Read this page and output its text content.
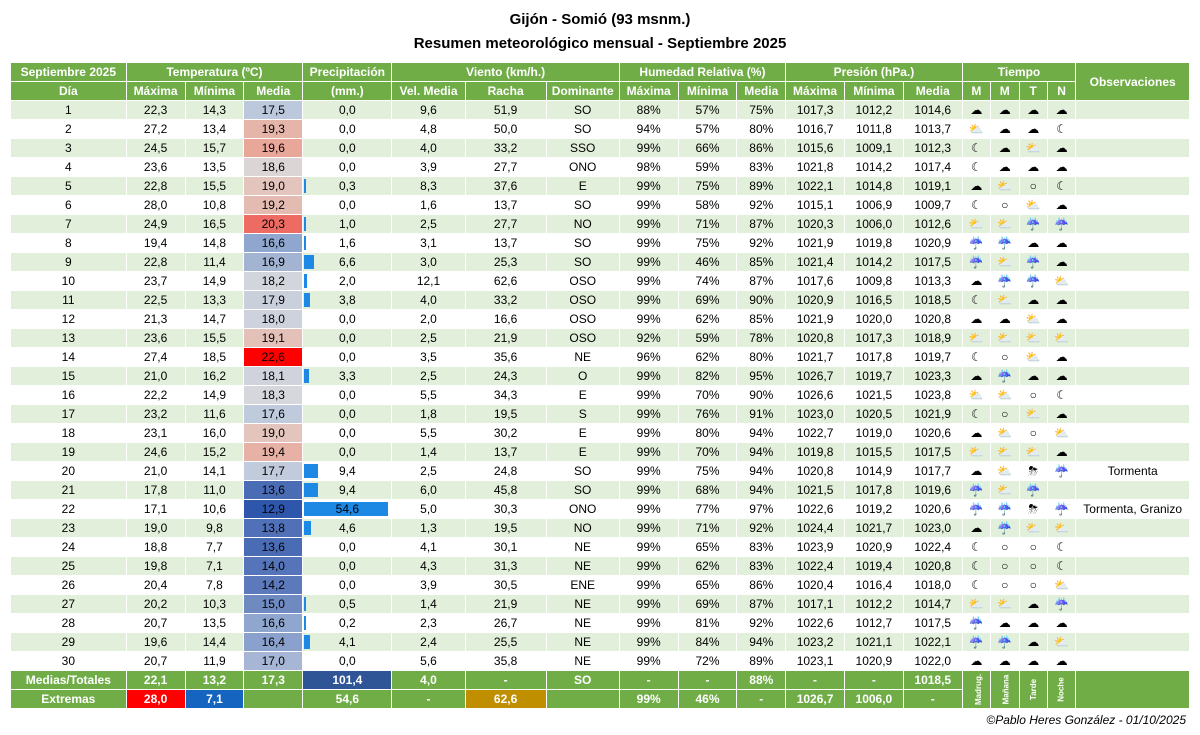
Gijón - Somió (93 msnm.)
Resumen meteorológico mensual - Septiembre 2025
Septiembre 2025	Temperatura (ºC)			Precipitación	Viento (km/h.)			Humedad Relativa (%)			Presión (hPa.)			Tiempo				Observaciones
Día	Máxima	Mínima	Media	(mm.)	Vel. Media	Racha	Dominante	Máxima	Mínima	Media	Máxima	Mínima	Media	M	M	T	N	
1	22,3	14,3	17,5	0,0	9,6	51,9	SO	88%	57%	75%	1017,3	1012,2	1014,6	☁	☁	☁	☁	
2	27,2	13,4	19,3	0,0	4,8	50,0	SO	94%	57%	80%	1016,7	1011,8	1013,7	⛅	☁	☁	☾	
3	24,5	15,7	19,6	0,0	4,0	33,2	SSO	99%	66%	86%	1015,6	1009,1	1012,3	☾	☁	⛅	☁	
4	23,6	13,5	18,6	0,0	3,9	27,7	ONO	98%	59%	83%	1021,8	1014,2	1017,4	☾	☁	☁	☁	
5	22,8	15,5	19,0	0,3	8,3	37,6	E	99%	75%	89%	1022,1	1014,8	1019,1	☁	⛅	○	☾	
6	28,0	10,8	19,2	0,0	1,6	13,7	SO	99%	58%	92%	1015,1	1006,9	1009,7	☾	○	⛅	☁	
7	24,9	16,5	20,3	1,0	2,5	27,7	NO	99%	71%	87%	1020,3	1006,0	1012,6	⛅	⛅	☔	☔	
8	19,4	14,8	16,6	1,6	3,1	13,7	SO	99%	75%	92%	1021,9	1019,8	1020,9	☔	☔	☁	☁	
9	22,8	11,4	16,9	6,6	3,0	25,3	SO	99%	46%	85%	1021,4	1014,2	1017,5	☔	⛅	☔	☁	
10	23,7	14,9	18,2	2,0	12,1	62,6	OSO	99%	74%	87%	1017,6	1009,8	1013,3	☁	☔	☔	⛅	
11	22,5	13,3	17,9	3,8	4,0	33,2	OSO	99%	69%	90%	1020,9	1016,5	1018,5	☾	⛅	☁	☁	
12	21,3	14,7	18,0	0,0	2,0	16,6	OSO	99%	62%	85%	1021,9	1020,0	1020,8	☁	☁	⛅	☁	
13	23,6	15,5	19,1	0,0	2,5	21,9	OSO	92%	59%	78%	1020,8	1017,3	1018,9	⛅	⛅	⛅	⛅	
14	27,4	18,5	22,6	0,0	3,5	35,6	NE	96%	62%	80%	1021,7	1017,8	1019,7	☾	○	⛅	☁	
15	21,0	16,2	18,1	3,3	2,5	24,3	O	99%	82%	95%	1026,7	1019,7	1023,3	☁	☔	☁	☁	
16	22,2	14,9	18,3	0,0	5,5	34,3	E	99%	70%	90%	1026,6	1021,5	1023,8	⛅	⛅	○	☾	
17	23,2	11,6	17,6	0,0	1,8	19,5	S	99%	76%	91%	1023,0	1020,5	1021,9	☾	○	⛅	☁	
18	23,1	16,0	19,0	0,0	5,5	30,2	E	99%	80%	94%	1022,7	1019,0	1020,6	☁	⛅	○	⛅	
19	24,6	15,2	19,4	0,0	1,4	13,7	E	99%	70%	94%	1019,8	1015,5	1017,5	⛅	⛅	⛅	☁	
20	21,0	14,1	17,7	9,4	2,5	24,8	SO	99%	75%	94%	1020,8	1014,9	1017,7	☁	⛅	⛈	☔	Tormenta
21	17,8	11,0	13,6	9,4	6,0	45,8	SO	99%	68%	94%	1021,5	1017,8	1019,6	☔	⛅	☔		
22	17,1	10,6	12,9	54,6	5,0	30,3	ONO	99%	77%	97%	1022,6	1019,2	1020,6	☔	☔	⛈	☔	Tormenta, Granizo
23	19,0	9,8	13,8	4,6	1,3	19,5	NO	99%	71%	92%	1024,4	1021,7	1023,0	☁	☔	⛅	⛅	
24	18,8	7,7	13,6	0,0	4,1	30,1	NE	99%	65%	83%	1023,9	1020,9	1022,4	☾	○	○	☾	
25	19,8	7,1	14,0	0,0	4,3	31,3	NE	99%	62%	83%	1022,4	1019,4	1020,8	☾	○	○	☾	
26	20,4	7,8	14,2	0,0	3,9	30,5	ENE	99%	65%	86%	1020,4	1016,4	1018,0	☾	○	○	⛅	
27	20,2	10,3	15,0	0,5	1,4	21,9	NE	99%	69%	87%	1017,1	1012,2	1014,7	⛅	⛅	☁	☔	
28	20,7	13,5	16,6	0,2	2,3	26,7	NE	99%	81%	92%	1022,6	1012,7	1017,5	☔	☁	☁	☁	
29	19,6	14,4	16,4	4,1	2,4	25,5	NE	99%	84%	94%	1023,2	1021,1	1022,1	☔	☔	☁	⛅	
30	20,7	11,9	17,0	0,0	5,6	35,8	NE	99%	72%	89%	1023,1	1020,9	1022,0	☁	☁	☁	☁	
Medias/Totales	22,1	13,2	17,3	101,4	4,0	-	SO	-	-	88%	-	-	1018,5	Madrug.	Mañana	Tarde	Noche	
Extremas	28,0	7,1		54,6	-	62,6		99%	46%	-	1026,7	1006,0	-					
©Pablo Heres González - 01/10/2025
